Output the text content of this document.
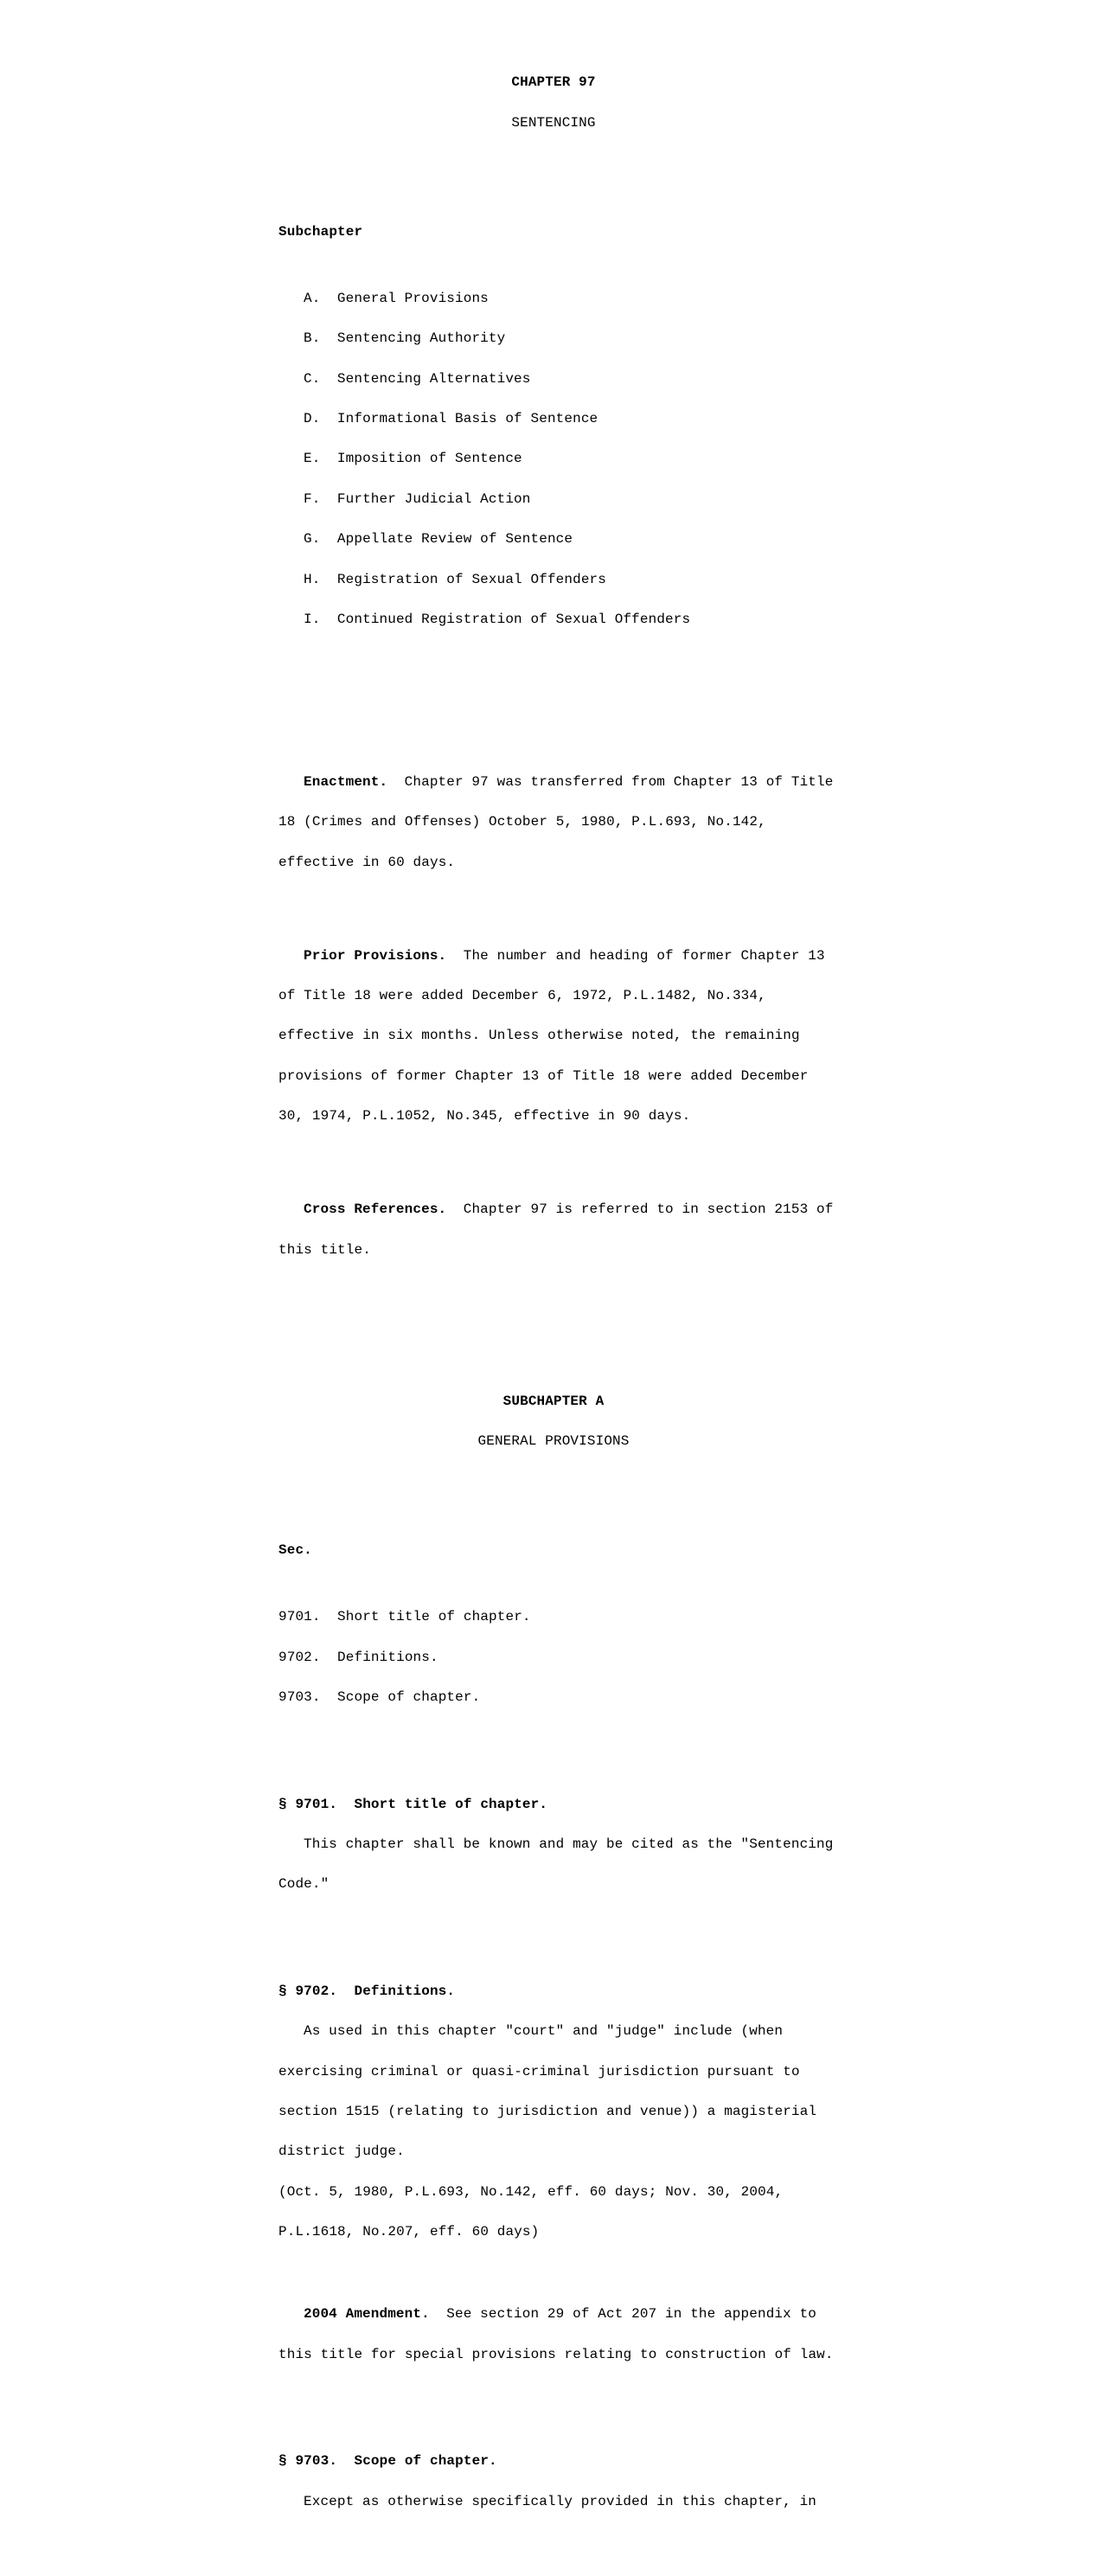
CHAPTER 97

SENTENCING

Subchapter

A. General Provisions

B. Sentencing Authority

C. Sentencing Alternatives

D. Informational Basis of Sentence

E. Imposition of Sentence

F. Further Judicial Action

G. Appellate Review of Sentence

H. Registration of Sexual Offenders

I. Continued Registration of Sexual Offenders

Enactment.  Chapter 97 was transferred from Chapter 13 of Title

18 (Crimes and Offenses) October 5, 1980, P.L.693, No.142,

effective in 60 days.

Prior Provisions.  The number and heading of former Chapter 13

of Title 18 were added December 6, 1972, P.L.1482, No.334,

effective in six months. Unless otherwise noted, the remaining

provisions of former Chapter 13 of Title 18 were added December

30, 1974, P.L.1052, No.345, effective in 90 days.

Cross References.  Chapter 97 is referred to in section 2153 of

this title.

SUBCHAPTER A

GENERAL PROVISIONS

Sec.

9701.  Short title of chapter.

9702.  Definitions.

9703.  Scope of chapter.

§ 9701.  Short title of chapter.

This chapter shall be known and may be cited as the "Sentencing

Code."

§ 9702.  Definitions.

As used in this chapter "court" and "judge" include (when

exercising criminal or quasi-criminal jurisdiction pursuant to

section 1515 (relating to jurisdiction and venue)) a magisterial

district judge.

(Oct. 5, 1980, P.L.693, No.142, eff. 60 days; Nov. 30, 2004,

P.L.1618, No.207, eff. 60 days)

2004 Amendment.  See section 29 of Act 207 in the appendix to

this title for special provisions relating to construction of law.

§ 9703.  Scope of chapter.

Except as otherwise specifically provided in this chapter, in
